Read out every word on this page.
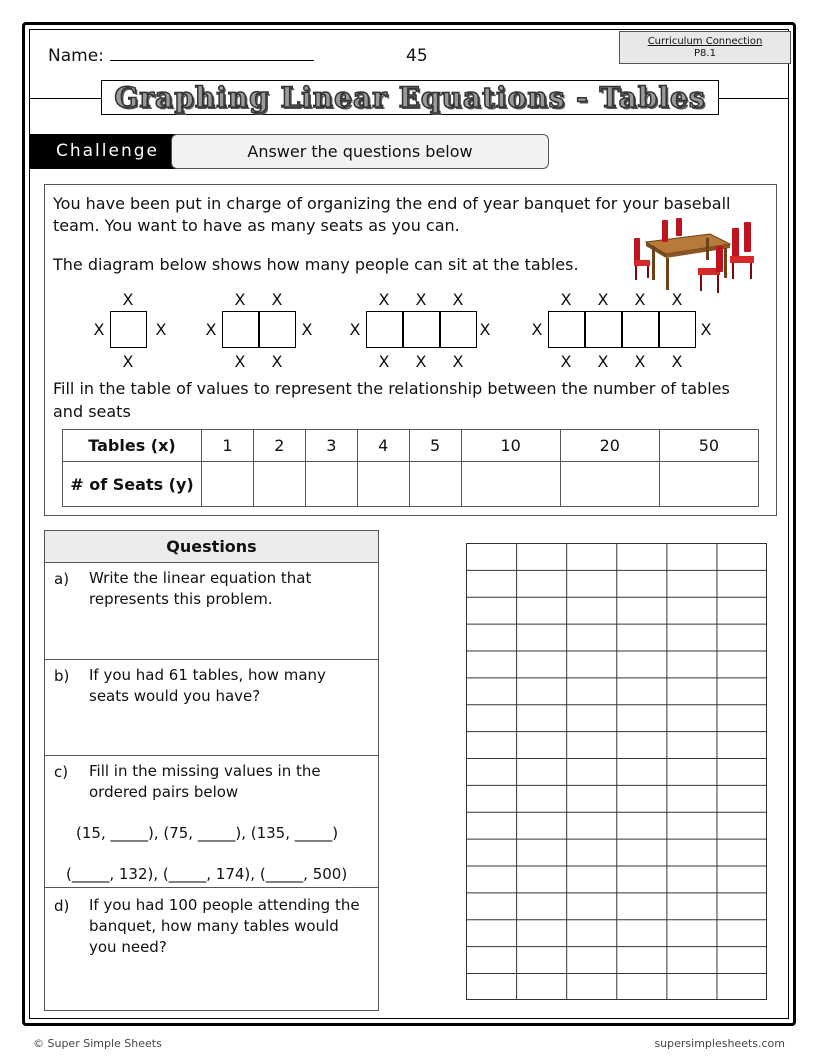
Name:	45
Curriculum Connection
P8.1
Graphing Linear Equations - Tables
Challenge	Answer the questions below
You have been put in charge of organizing the end of year banquet for your baseball
team. You want to have as many seats as you can.
The diagram below shows how many people can sit at the tables.
X
X
X	X
X X
X X
X	X
X X X
X X X
X	X
X X X X
X X X X
X	X
Fill in the table of values to represent the relationship between the number of tables
and seats
Tables (x)	1	2	3	4	5	10	20	50
# of Seats (y)								
Questions
a) Write the linear equation that
represents this problem.
b) If you had 61 tables, how many
seats would you have?
c) Fill in the missing values in the
ordered pairs below
(15, _____), (75, _____), (135, _____)
(_____, 132), (_____, 174), (_____, 500)
d) If you had 100 people attending the
banquet, how many tables would
you need?
© Super Simple Sheets	supersimplesheets.com
